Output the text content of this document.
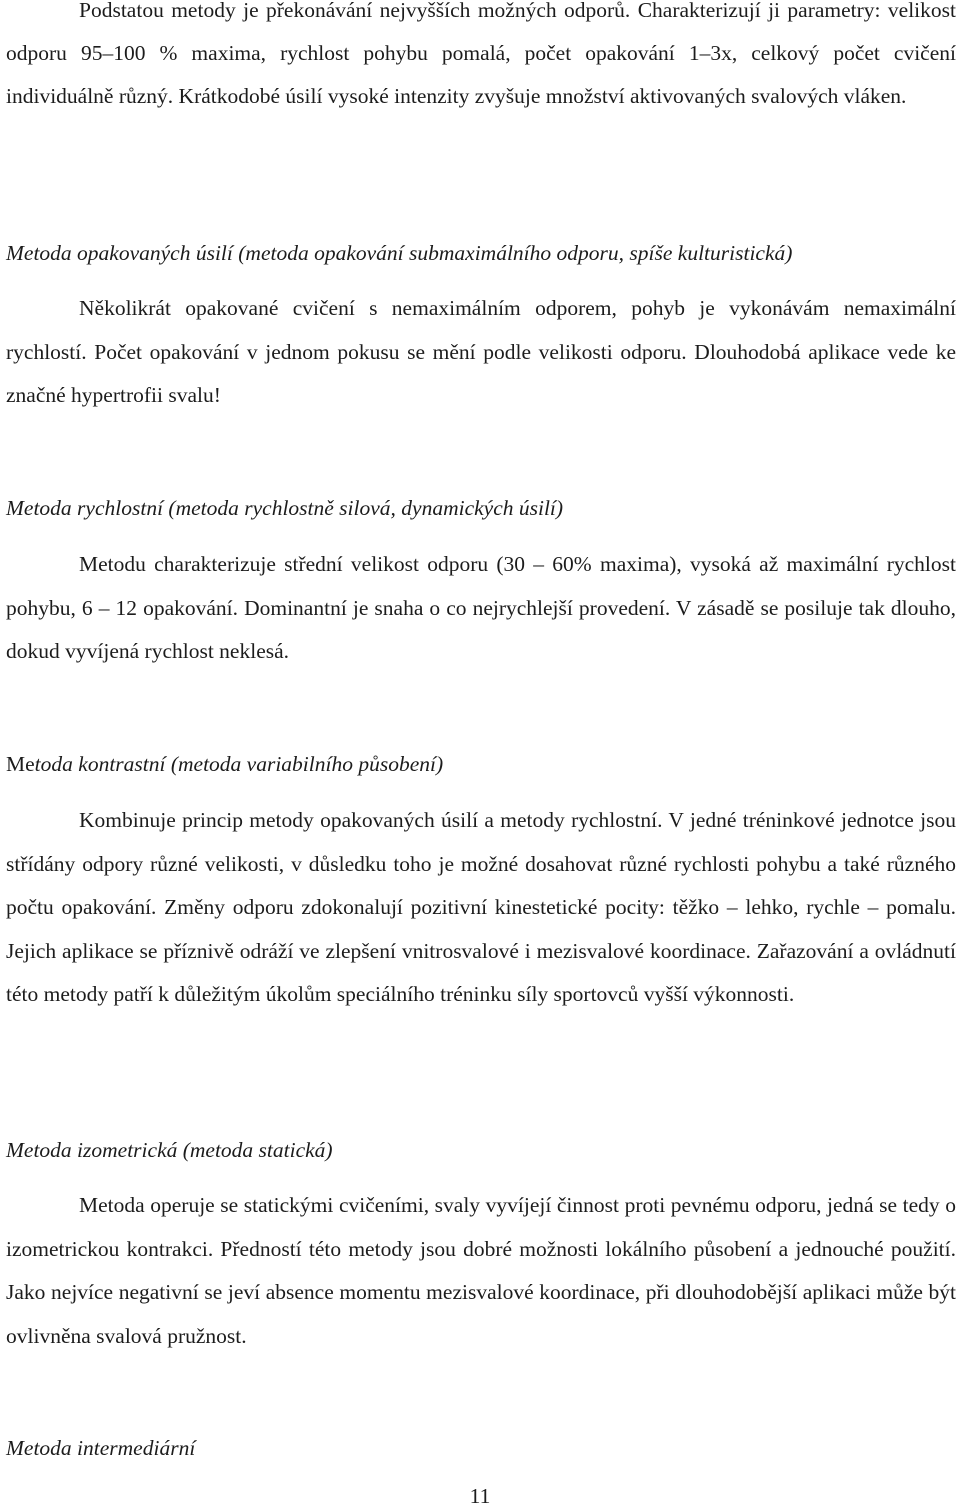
Podstatou metody je překonávání nejvyšších možných odporů. Charakterizují ji parametry: velikost odporu 95–100 % maxima, rychlost pohybu pomalá, počet opakování 1–3x, celkový počet cvičení individuálně různý. Krátkodobé úsilí vysoké intenzity zvyšuje množství aktivovaných svalových vláken.

Metoda opakovaných úsilí (metoda opakování submaximálního odporu, spíše kulturistická)

Několikrát opakované cvičení s nemaximálním odporem, pohyb je vykonávám nemaximální rychlostí. Počet opakování v jednom pokusu se mění podle velikosti odporu. Dlouhodobá aplikace vede ke značné hypertrofii svalu!

Metoda rychlostní (metoda rychlostně silová, dynamických úsilí)

Metodu charakterizuje střední velikost odporu (30 – 60% maxima), vysoká až maximální rychlost pohybu, 6 – 12 opakování. Dominantní je snaha o co nejrychlejší provedení. V zásadě se posiluje tak dlouho, dokud vyvíjená rychlost neklesá.

Metoda kontrastní (metoda variabilního působení)

Kombinuje princip metody opakovaných úsilí a metody rychlostní. V jedné tréninkové jednotce jsou střídány odpory různé velikosti, v důsledku toho je možné dosahovat různé rychlosti pohybu a také různého počtu opakování. Změny odporu zdokonalují pozitivní kinestetické pocity: těžko – lehko, rychle – pomalu. Jejich aplikace se příznivě odráží ve zlepšení vnitrosvalové i mezisvalové koordinace. Zařazování a ovládnutí této metody patří k důležitým úkolům speciálního tréninku síly sportovců vyšší výkonnosti.

Metoda izometrická (metoda statická)

Metoda operuje se statickými cvičeními, svaly vyvíjejí činnost proti pevnému odporu, jedná se tedy o izometrickou kontrakci. Předností této metody jsou dobré možnosti lokálního působení a jednouché použití. Jako nejvíce negativní se jeví absence momentu mezisvalové koordinace, při dlouhodobější aplikaci může být ovlivněna svalová pružnost.

Metoda intermediární

11
